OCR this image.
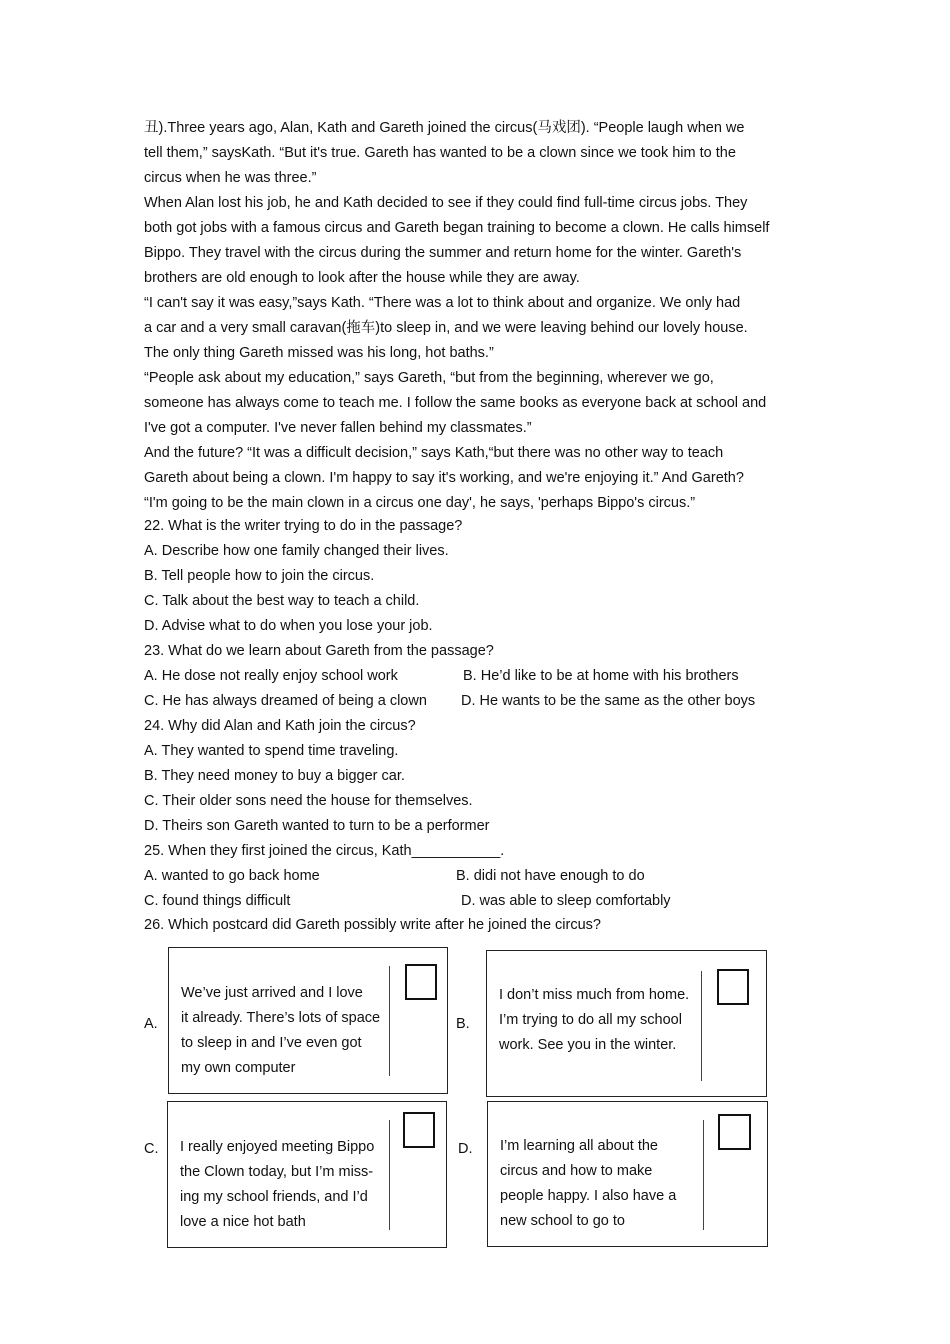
丑).Three years ago, Alan, Kath and Gareth joined the circus(马戏团). “People laugh when we
tell them,” saysKath. “But it's true. Gareth has wanted to be a clown since we took him to the
circus when he was three.”
When Alan lost his job, he and Kath decided to see if they could find full-time circus jobs. They
both got jobs with a famous circus and Gareth began training to become a clown. He calls himself
Bippo. They travel with the circus during the summer and return home for the winter. Gareth's
brothers are old enough to look after the house while they are away.
“I can't say it was easy,”says Kath. “There was a lot to think about and organize. We only had
a car and a very small caravan(拖车)to sleep in, and we were leaving behind our lovely house.
The only thing Gareth missed was his long, hot baths.”
“People ask about my education,” says Gareth, “but from the beginning, wherever we go,
someone has always come to teach me. I follow the same books as everyone back at school and
I've got a computer. I've never fallen behind my classmates.”
And the future? “It was a difficult decision,” says Kath,“but there was no other way to teach
Gareth about being a clown. I'm happy to say it's working, and we're enjoying it.” And Gareth?
“I'm going to be the main clown in a circus one day', he says, 'perhaps Bippo's circus.”
22. What is the writer trying to do in the passage?
A. Describe how one family changed their lives.
B. Tell people how to join the circus.
C. Talk about the best way to teach a child.
D. Advise what to do when you lose your job.
23. What do we learn about Gareth from the passage?
A. He dose not really enjoy school work	B. He’d like to be at home with his brothers
C. He has always dreamed of being a clown D. He wants to be the same as the other boys
24. Why did Alan and Kath join the circus?
A. They wanted to spend time traveling.
B. They need money to buy a bigger car.
C. Their older sons need the house for themselves.
D. Theirs son Gareth wanted to turn to be a performer
25. When they first joined the circus, Kath___________.
A. wanted to go back home	B. didi not have enough to do
C. found things difficult	D. was able to sleep comfortably
26. Which postcard did Gareth possibly write after he joined the circus?
A.	B.
C.	D.
We’ve just arrived and I love
it already. There’s lots of space
to sleep in and I’ve even got
my own computer
I don’t miss much from home.
I’m trying to do all my school
work. See you in the winter.
I really enjoyed meeting Bippo
the Clown today, but I’m miss-
ing my school friends, and I’d
love a nice hot bath
I’m learning all about the
circus and how to make
people happy. I also have a
new school to go to
